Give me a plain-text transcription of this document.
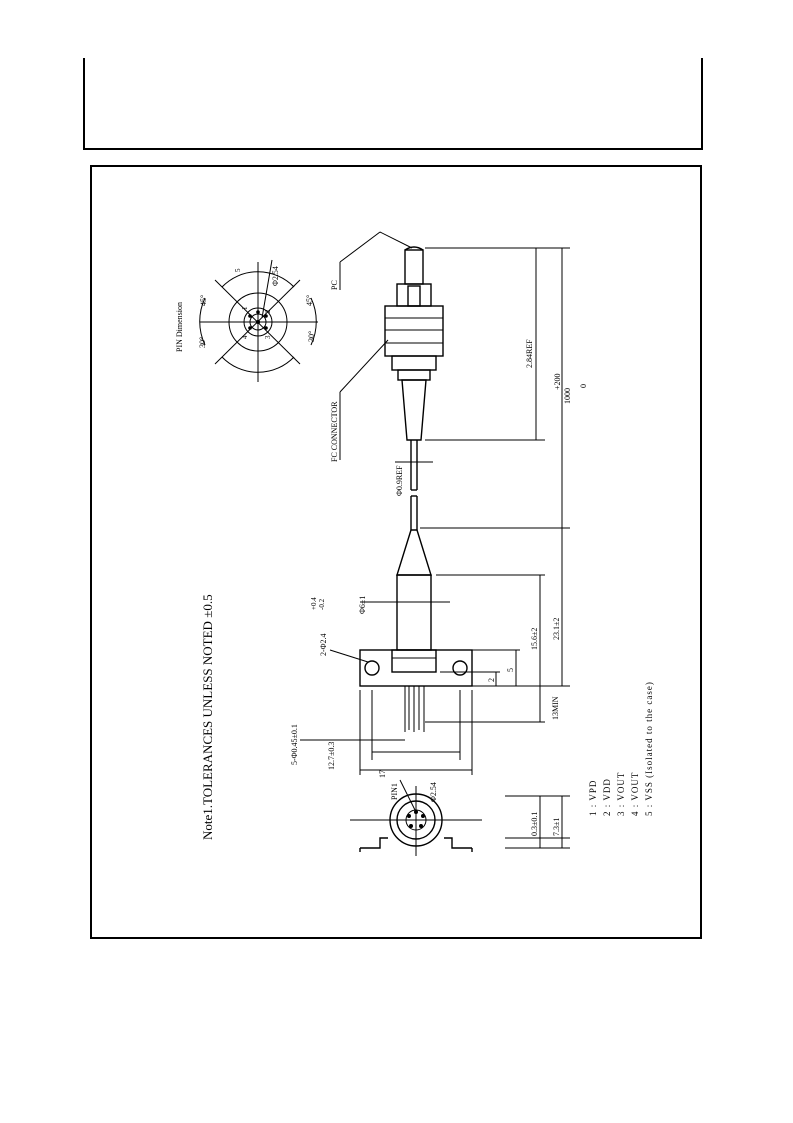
Note1.TOLERANCES UNLESS NOTED ±0.5
PIN Dimension 30°
45°	45°
30°
Φ2.54
5
1
2
3
4
PC
FC CONNECTOR
Φ0.9REF
Φ6±1
2-Φ2.4
+0.4 -0.2
5-Φ0.45±0.1	12.7±0.3
17
PIN1	Φ2.54
2.84REF
+200
1000
0
15.6±2 23.1±2
5
2
13MIN
0.3±0.1 7.3±1
1 : VPD 2 : VDD 3 : VOUT 4 : VOUT 5 : VSS (Isolated to the case)
